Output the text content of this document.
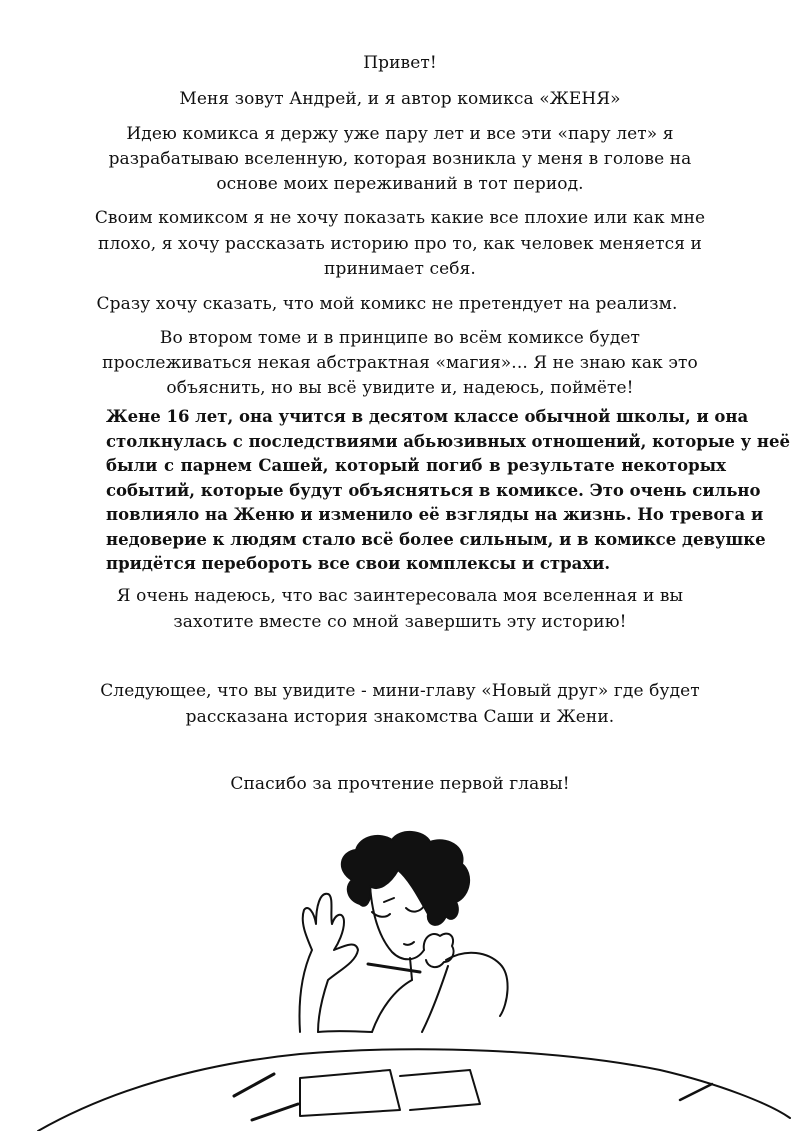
Привет!
Меня зовут Андрей, и я автор комикса «ЖЕНЯ»
Идею комикса я держу уже пару лет и все эти «пару лет» я
разрабатываю вселенную, которая возникла у меня в голове на
основе моих переживаний в тот период.
Своим комиксом я не хочу показать какие все плохие или как мне
плохо, я хочу рассказать историю про то, как человек меняется и
принимает себя.
Сразу хочу сказать, что мой комикс не претендует на реализм.
Во втором томе и в принципе во всём комиксе будет
прослеживаться некая абстрактная «магия»... Я не знаю как это
объяснить, но вы всё увидите и, надеюсь, поймёте!
Жене 16 лет, она учится в десятом классе обычной школы, и она
столкнулась с последствиями абьюзивных отношений, которые у неё
были с парнем Сашей, который погиб в результате некоторых
событий, которые будут объясняться в комиксе. Это очень сильно
повлияло на Женю и изменило её взгляды на жизнь. Но тревога и
недоверие к людям стало всё более сильным, и в комиксе девушке
придётся перебороть все свои комплексы и страхи.
Я очень надеюсь, что вас заинтересовала моя вселенная и вы
захотите вместе со мной завершить эту историю!
Следующее, что вы увидите - мини-главу «Новый друг» где будет
рассказана история знакомства Саши и Жени.
Спасибо за прочтение первой главы!
